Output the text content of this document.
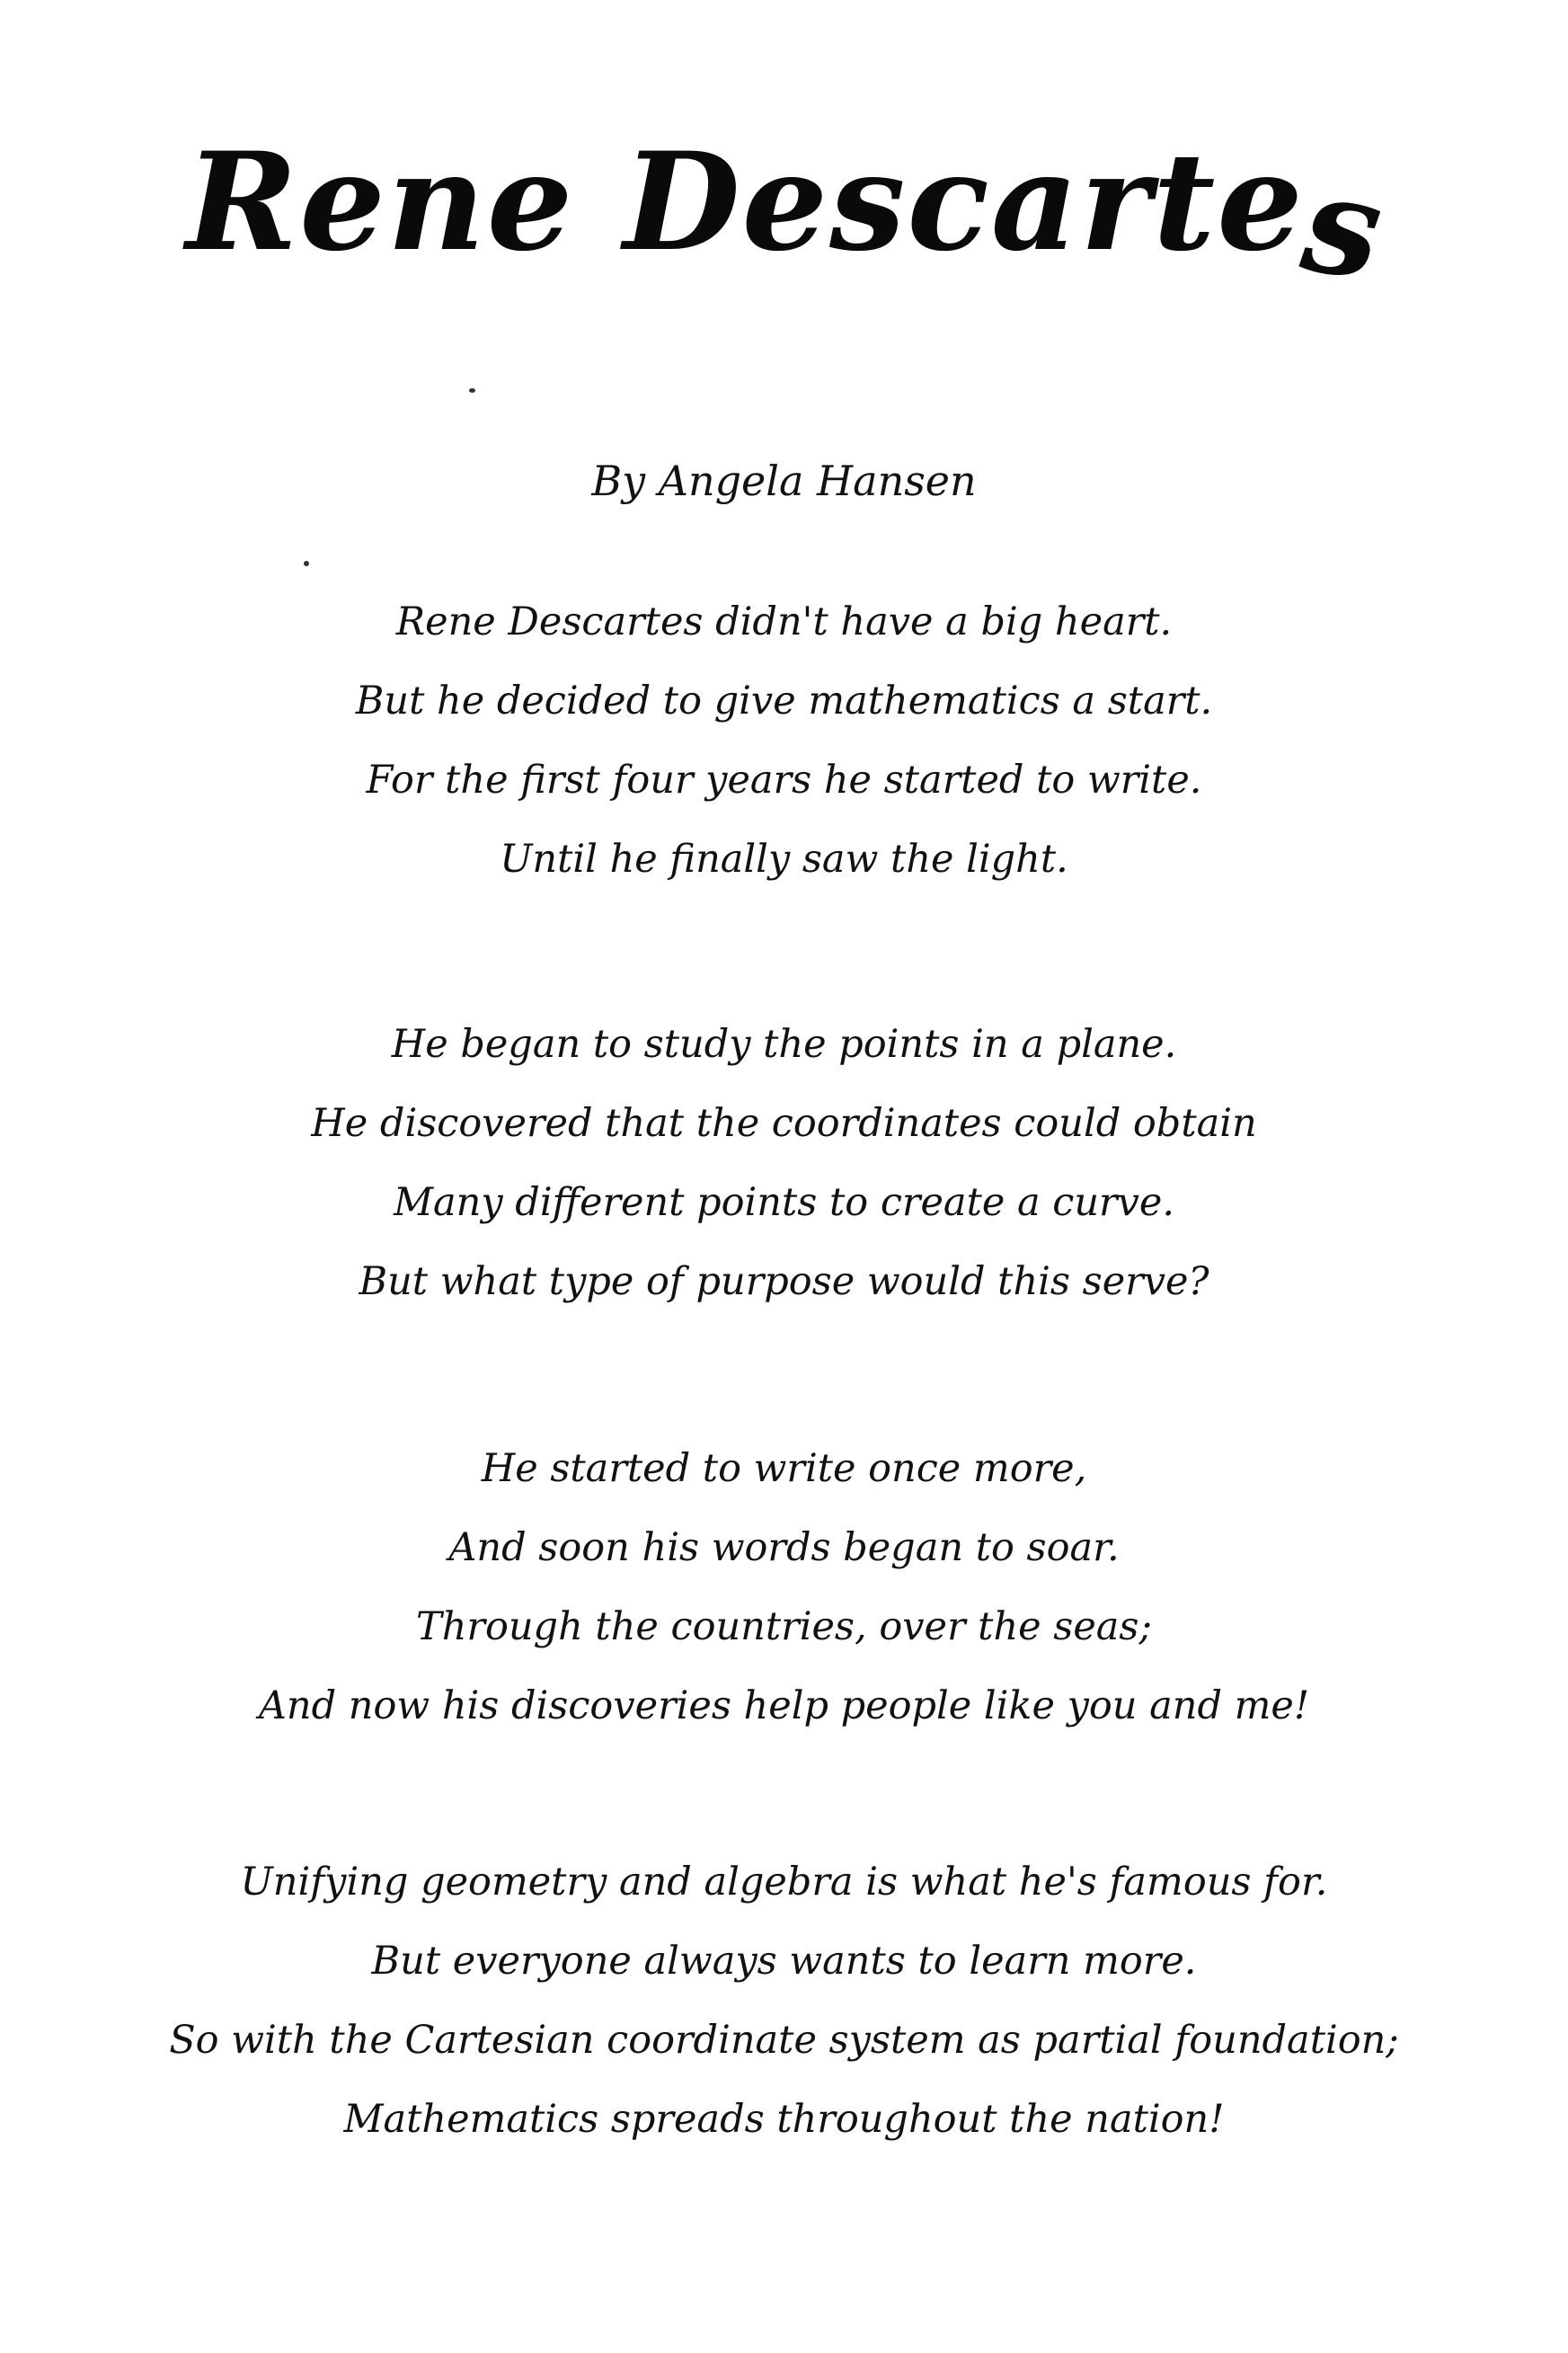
Rene Descartes
By Angela Hansen
Rene Descartes didn't have a big heart.
But he decided to give mathematics a start.
For the first four years he started to write.
Until he finally saw the light.
He began to study the points in a plane.
He discovered that the coordinates could obtain
Many different points to create a curve.
But what type of purpose would this serve?
He started to write once more,
And soon his words began to soar.
Through the countries, over the seas;
And now his discoveries help people like you and me!
Unifying geometry and algebra is what he's famous for.
But everyone always wants to learn more.
So with the Cartesian coordinate system as partial foundation;
Mathematics spreads throughout the nation!
